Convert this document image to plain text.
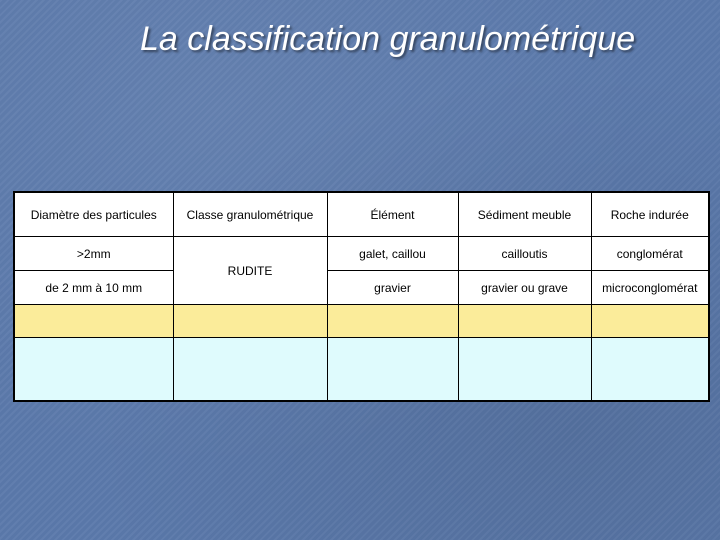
La classification granulométrique
Diamètre des particules	Classe granulométrique	Élément	Sédiment meuble	Roche indurée
>2mm	RUDITE	galet, caillou	cailloutis	conglomérat
de 2 mm à 10 mm		gravier	gravier ou grave	microconglomérat
